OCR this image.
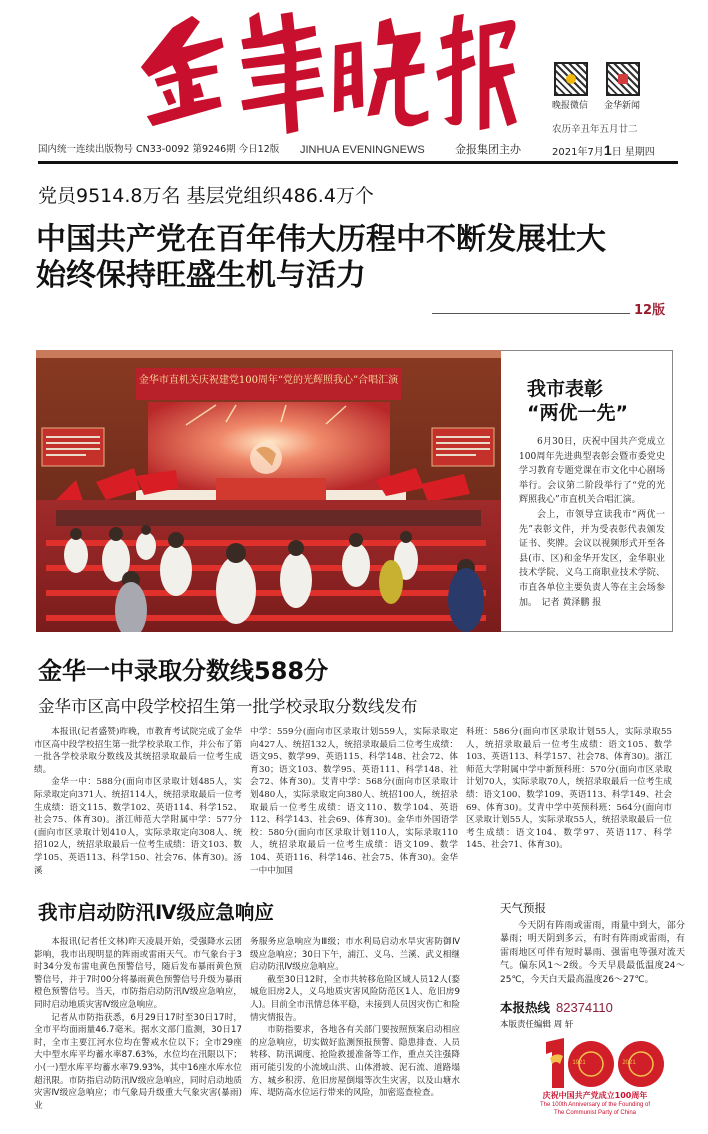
晚报微信 金华新闻
农历辛丑年五月廿二
国内统一连续出版物号 CN33-0092 第9246期 今日12版 JINHUA EVENINGNEWS	金报集团主办	2021年7月1日 星期四
党员9514.8万名 基层党组织486.4万个
中国共产党在百年伟大历程中不断发展壮大
始终保持旺盛生机与活力
12版
金华市直机关庆祝建党100周年“党的光辉照我心”合唱汇演	我市表彰
“两优一先”

6月30日，庆祝中国共产党成立100周年先进典型表彰会暨市委党史学习教育专题党课在市文化中心剧场举行。会议第二阶段举行了“党的光辉照我心”市直机关合唱汇演。

会上，市领导宣读我市“两优一先”表彰文件，并为受表彰代表颁发证书、奖牌。会议以视频形式开至各县(市、区)和金华开发区，金华职业技术学院、义乌工商职业技术学院、市直各单位主要负责人等在主会场参加。　 记者 黄泽鹏 报

金华一中录取分数线588分
金华市区高中段学校招生第一批学校录取分数线发布

本报讯(记者盛赞)昨晚，市教育考试院完成了金华市区高中段学校招生第一批学校录取工作，并公布了第一批各学校录取分数线及其统招录取最后一位考生成绩。

金华一中：588分(面向市区录取计划485人，实际录取定向371人、统招114人，统招录取最后一位考生成绩：语文115、数学102、英语114、科学152、社会75、体育30)。浙江师范大学附属中学：577分(面向市区录取计划410人，实际录取定向308人、统招102人，统招录取最后一位考生成绩：语文103、数学105、英语113、科学150、社会76、体育30)。汤溪

中学：559分(面向市区录取计划559人，实际录取定向427人、统招132人，统招录取最后二位考生成绩：语文95、数学99、英语115、科学148、社会72、体育30；语文103、数学95、英语111、科学148、社会72、体育30)。艾青中学：568分(面向市区录取计划480人，实际录取定向380人、统招100人，统招录取最后一位考生成绩：语文110、数学104、英语112、科学143、社会69、体育30)。金华市外国语学校：580分(面向市区录取计划110人，实际录取110人，统招录取最后一位考生成绩：语文109、数学104、英语116、科学146、社会75、体育30)。金华一中中加国

科班：586分(面向市区录取计划55人，实际录取55人，统招录取最后一位考生成绩：语文105、数学103、英语113、科学157、社会78、体育30)。浙江师范大学附属中学中新预科班：570分(面向市区录取计划70人，实际录取70人，统招录取最后一位考生成绩：语文100、数学109、英语113、科学149、社会69、体育30)。艾青中学中英预科班：564分(面向市区录取计划55人，实际录取55人，统招录取最后一位考生成绩：语文104、数学97、英语117、科学145、社会71、体育30)。

我市启动防汛Ⅳ级应急响应

本报讯(记者任文林)昨天凌晨开始，受强降水云团影响，我市出现明显的阵雨或雷雨天气。市气象台于3时34分发布雷电黄色预警信号，随后发布暴雨黄色预警信号，并于7时00分将暴雨黄色预警信号升级为暴雨橙色预警信号。当天，市防指启动防汛Ⅳ级应急响应，同时启动地质灾害Ⅳ级应急响应。

记者从市防指获悉，6月29日17时至30日17时，全市平均面雨量46.7毫米。据水文部门监测，30日17时，全市主要江河水位均在警戒水位以下；全市29座大中型水库平均蓄水率87.63%，水位均在汛限以下；小(一)型水库平均蓄水率79.93%，其中16座水库水位超汛限。市防指启动防汛Ⅳ级应急响应，同时启动地质灾害Ⅳ级应急响应；市气象局升级重大气象灾害(暴雨)业

务服务应急响应为Ⅲ级；市水利局启动水旱灾害防御Ⅳ级应急响应；30日下午，浦江、义乌、兰溪、武义相继启动防汛Ⅳ级应急响应。

截至30日12时，全市共转移危险区域人员12人(婺城危旧房2人，义乌地质灾害风险防范区1人、危旧房9人)。目前全市汛情总体平稳，未接到人员因灾伤亡和险情灾情报告。

市防指要求，各地各有关部门要按照预案启动相应的应急响应，切实做好监测预报预警、隐患排查、人员转移、防汛调度、抢险救援准备等工作，重点关注强降雨可能引发的小流域山洪、山体滑坡、泥石流、道路塌方、城乡积涝、危旧房屋倒塌等次生灾害，以及山塘水库、堤防高水位运行带来的风险，加密巡查检查。

天气预报

今天阴有阵雨或雷雨，雨量中到大，部分暴雨；明天阴到多云，有时有阵雨或雷雨，有雷雨地区可伴有短时暴雨、强雷电等强对流天气。偏东风1～2级。今天早晨最低温度24～25℃，今天白天最高温度26～27℃。

本报热线 82374110
本版责任编辑 周 轩
1921	2021
庆祝中国共产党成立100周年
The 100th Anniversary of the Founding of
The Communist Party of China
